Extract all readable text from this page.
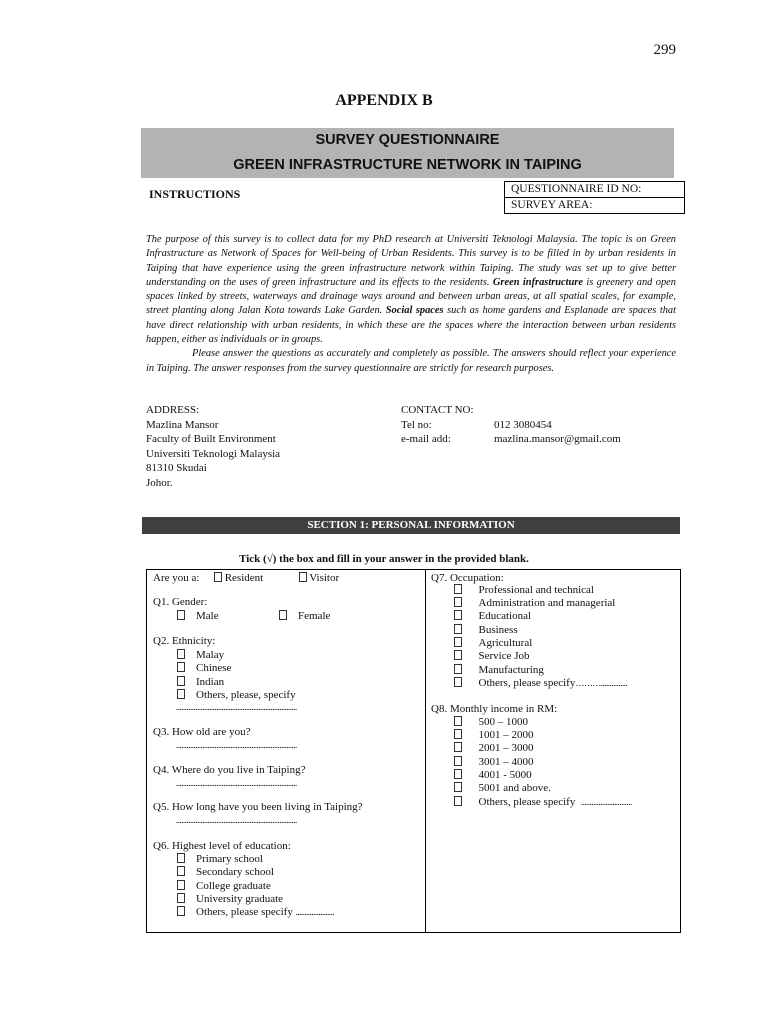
299
APPENDIX B
SURVEY QUESTIONNAIRE
GREEN INFRASTRUCTURE NETWORK IN TAIPING
INSTRUCTIONS	QUESTIONNAIRE ID NO:
SURVEY AREA:

The purpose of this survey is to collect data for my PhD research at Universiti Teknologi Malaysia. The topic is on Green Infrastructure as Network of Spaces for Well-being of Urban Residents. This survey is to be filled in by urban residents in Taiping that have experience using the green infrastructure network within Taiping. The study was set up to give better understanding on the uses of green infrastructure and its effects to the residents. Green infrastructure is greenery and open spaces linked by streets, waterways and drainage ways around and between urban areas, at all spatial scales, for example, street planting along Jalan Kota towards Lake Garden. Social spaces such as home gardens and Esplanade are spaces that have direct relationship with urban residents, in which these are the spaces where the interaction between urban residents happen, either as individuals or in groups.

Please answer the questions as accurately and completely as possible. The answers should reflect your experience in Taiping. The answer responses from the survey questionnaire are strictly for research purposes.

ADDRESS:
Mazlina Mansor
Faculty of Built Environment
Universiti Teknologi Malaysia
81310 Skudai
Johor.
CONTACT NO:
Tel no:	012 3080454
e-mail add:	mazlina.mansor@gmail.com
SECTION 1: PERSONAL INFORMATION
Tick (√) the box and fill in your answer in the provided blank.
Are you a: Resident	Visitor
Q1. Gender:
Male	Female
Q2. Ethnicity:
Malay
Chinese
Indian
Others, please, specify
.....................................................................
Q3. How old are you?
.....................................................................
Q4. Where do you live in Taiping?
.....................................................................
Q5. How long have you been living in Taiping?
.....................................................................
Q6. Highest level of education:
Primary school
Secondary school
College graduate
University graduate
Others, please specify ......................
Q7. Occupation:
Professional and technical
Administration and managerial
Educational
Business
Agricultural
Service Job
Manufacturing
Others, please specify………...............
Q8. Monthly income in RM:
500 – 1000
1001 – 2000
2001 – 3000
3001 – 4000
4001 - 5000
5001 and above.
Others, please specify .............................
